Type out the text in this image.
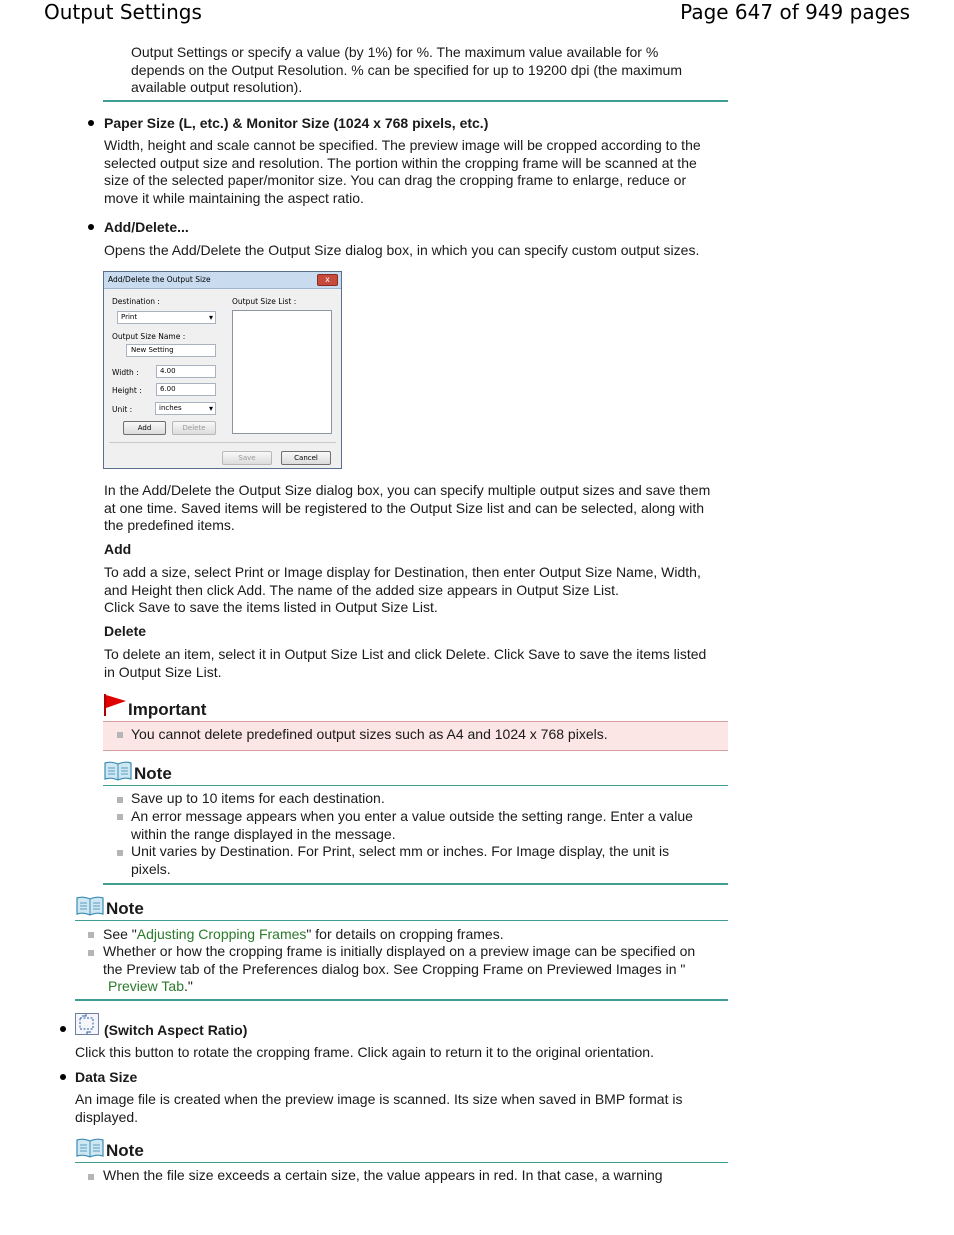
Output Settings	Page 647 of 949 pages

Output Settings or specify a value (by 1%) for %. The maximum value available for %

depends on the Output Resolution. % can be specified for up to 19200 dpi (the maximum

available output resolution).

Paper Size (L, etc.) & Monitor Size (1024 x 768 pixels, etc.)

Width, height and scale cannot be specified. The preview image will be cropped according to the

selected output size and resolution. The portion within the cropping frame will be scanned at the

size of the selected paper/monitor size. You can drag the cropping frame to enlarge, reduce or

move it while maintaining the aspect ratio.

Add/Delete...

Opens the Add/Delete the Output Size dialog box, in which you can specify custom output sizes.

Add/Delete the Output Size	x
Destination :
Print ▾
Output Size Name :
New Setting
Width :	4.00
Height :	6.00
Unit :	inches ▾
Add	Delete
Output Size List :
Save	Cancel

In the Add/Delete the Output Size dialog box, you can specify multiple output sizes and save them

at one time. Saved items will be registered to the Output Size list and can be selected, along with

the predefined items.

Add

To add a size, select Print or Image display for Destination, then enter Output Size Name, Width,

and Height then click Add. The name of the added size appears in Output Size List.

Click Save to save the items listed in Output Size List.

Delete

To delete an item, select it in Output Size List and click Delete. Click Save to save the items listed

in Output Size List.

Important
You cannot delete predefined output sizes such as A4 and 1024 x 768 pixels.
Note
Save up to 10 items for each destination.

An error message appears when you enter a value outside the setting range. Enter a value

within the range displayed in the message.

Unit varies by Destination. For Print, select mm or inches. For Image display, the unit is

pixels.

Note
See "Adjusting Cropping Frames" for details on cropping frames.

Whether or how the cropping frame is initially displayed on a preview image can be specified on

the Preview tab of the Preferences dialog box. See Cropping Frame on Previewed Images in "

Preview Tab."

(Switch Aspect Ratio)

Click this button to rotate the cropping frame. Click again to return it to the original orientation.

Data Size

An image file is created when the preview image is scanned. Its size when saved in BMP format is

displayed.

Note
When the file size exceeds a certain size, the value appears in red. In that case, a warning
